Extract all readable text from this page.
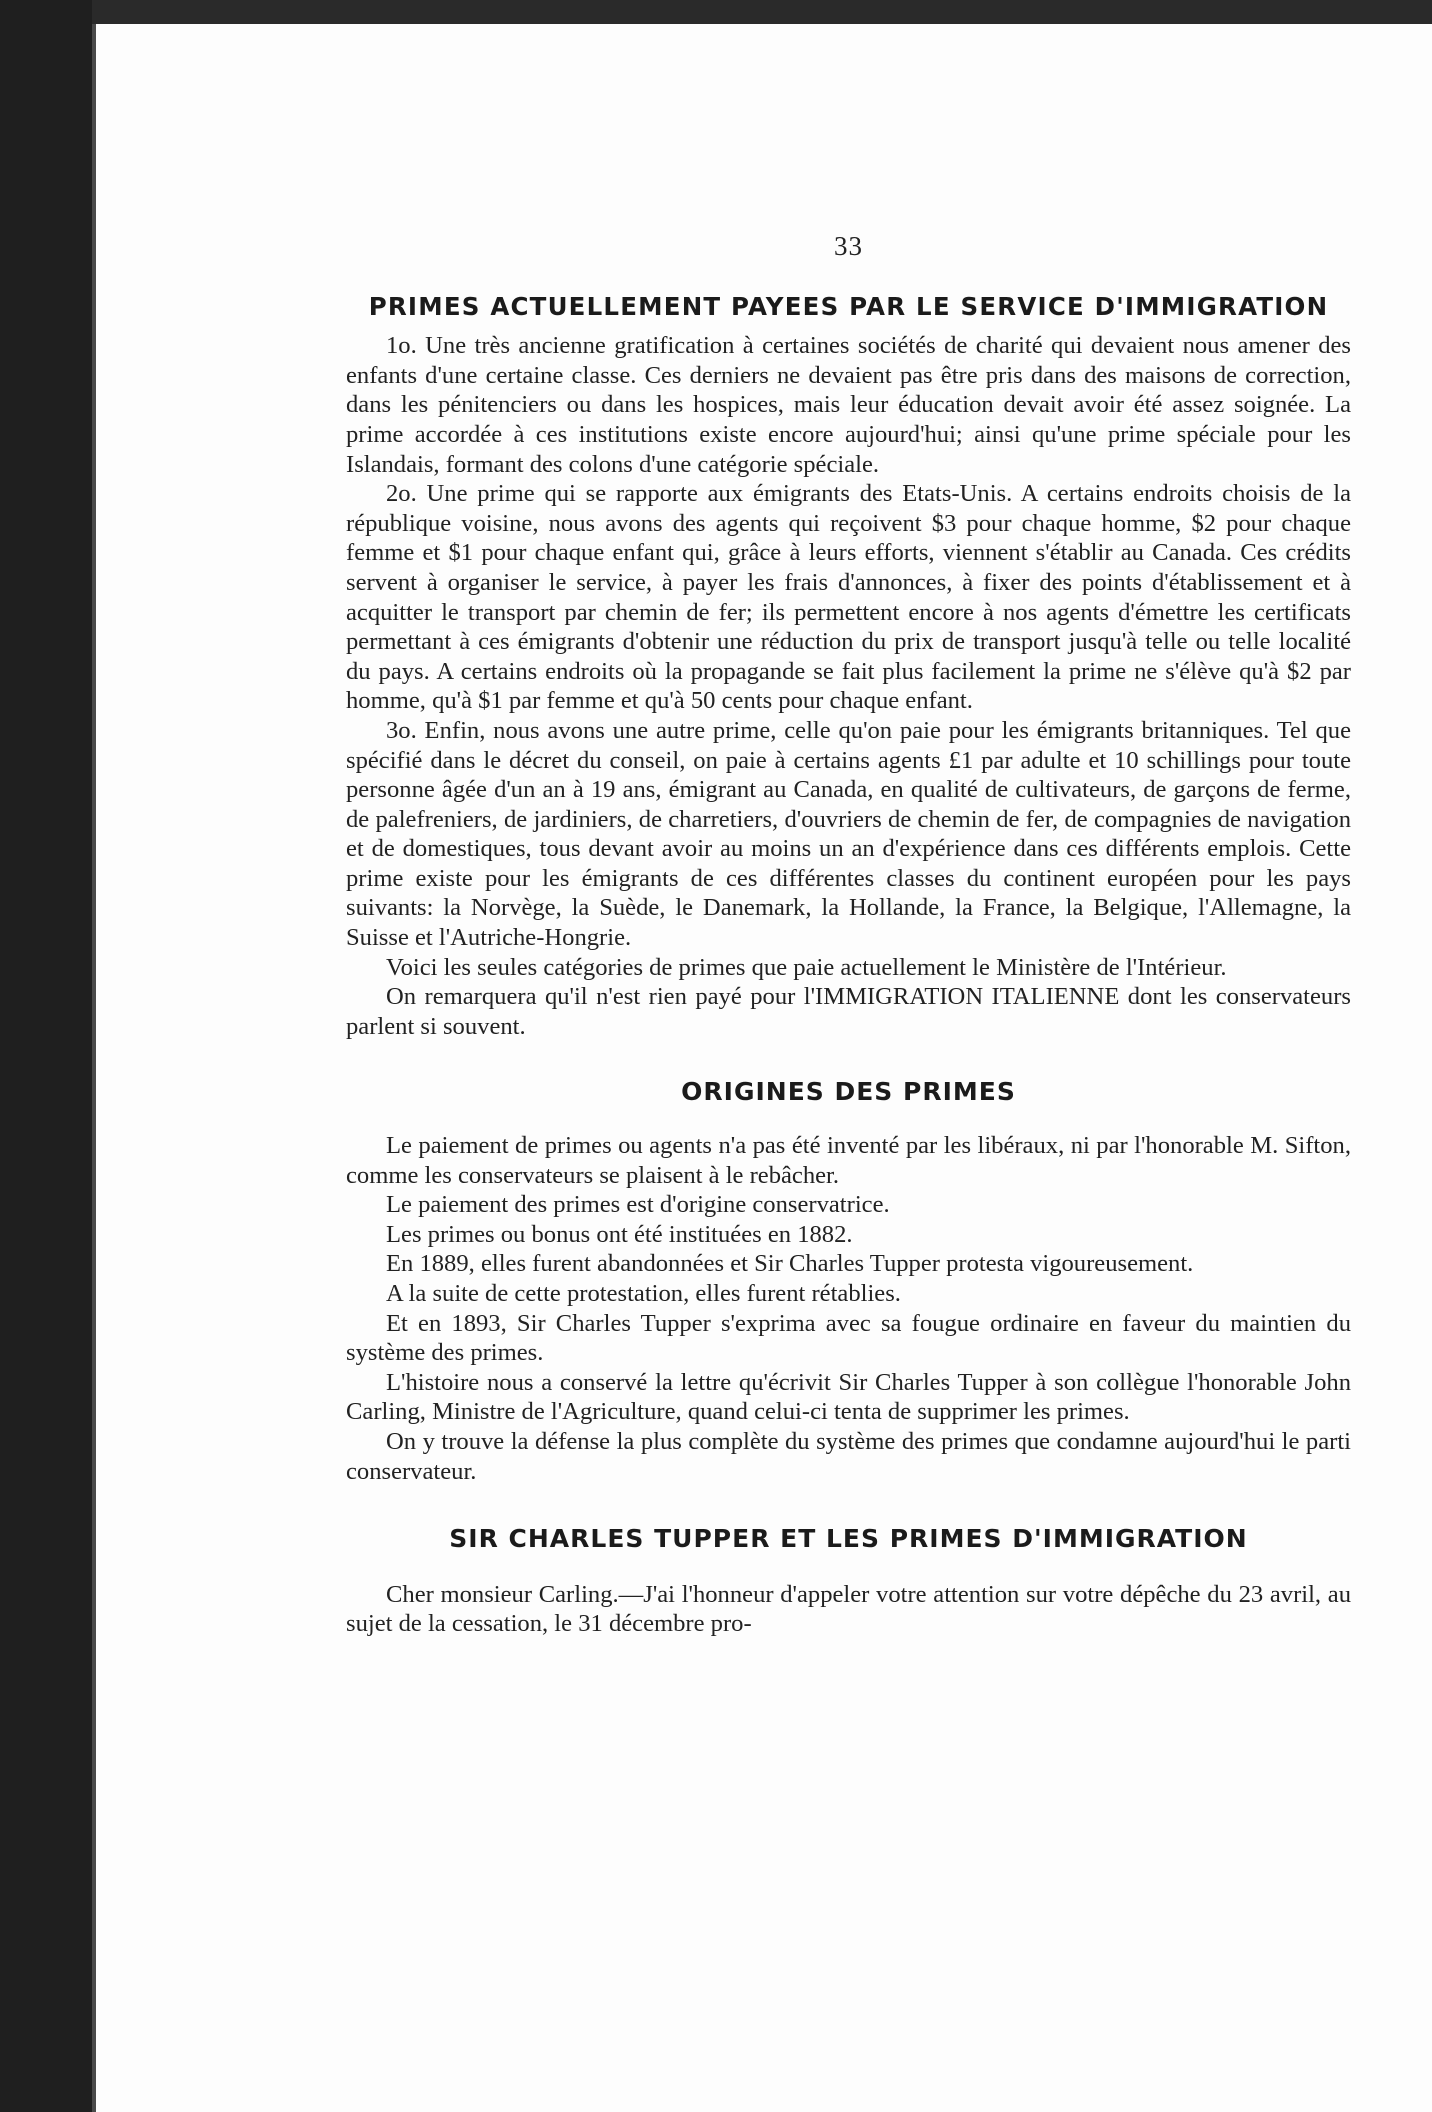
33
PRIMES ACTUELLEMENT PAYEES PAR LE SERVICE D'IMMIGRATION

1o. Une très ancienne gratification à certaines sociétés de charité qui devaient nous amener des enfants d'une certaine classe. Ces derniers ne devaient pas être pris dans des maisons de correction, dans les pénitenciers ou dans les hospices, mais leur éducation devait avoir été assez soignée. La prime accordée à ces institutions existe encore aujourd'hui; ainsi qu'une prime spéciale pour les Islandais, formant des colons d'une catégorie spéciale.

2o. Une prime qui se rapporte aux émigrants des Etats-Unis. A certains endroits choisis de la république voisine, nous avons des agents qui reçoivent $3 pour chaque homme, $2 pour chaque femme et $1 pour chaque enfant qui, grâce à leurs efforts, viennent s'établir au Canada. Ces crédits servent à organiser le service, à payer les frais d'annonces, à fixer des points d'établissement et à acquitter le transport par chemin de fer; ils permettent encore à nos agents d'émettre les certificats permettant à ces émigrants d'obtenir une réduction du prix de transport jusqu'à telle ou telle localité du pays. A certains endroits où la propagande se fait plus facilement la prime ne s'élève qu'à $2 par homme, qu'à $1 par femme et qu'à 50 cents pour chaque enfant.

3o. Enfin, nous avons une autre prime, celle qu'on paie pour les émigrants britanniques. Tel que spécifié dans le décret du conseil, on paie à certains agents £1 par adulte et 10 schillings pour toute personne âgée d'un an à 19 ans, émigrant au Canada, en qualité de cultivateurs, de garçons de ferme, de palefreniers, de jardiniers, de charretiers, d'ouvriers de chemin de fer, de compagnies de navigation et de domestiques, tous devant avoir au moins un an d'expérience dans ces différents emplois. Cette prime existe pour les émigrants de ces différentes classes du continent européen pour les pays suivants: la Norvège, la Suède, le Danemark, la Hollande, la France, la Belgique, l'Allemagne, la Suisse et l'Autriche-Hongrie.

Voici les seules catégories de primes que paie actuellement le Ministère de l'Intérieur.

On remarquera qu'il n'est rien payé pour l'IMMIGRATION ITALIENNE dont les conservateurs parlent si souvent.

ORIGINES DES PRIMES

Le paiement de primes ou agents n'a pas été inventé par les libéraux, ni par l'honorable M. Sifton, comme les conservateurs se plaisent à le rebâcher.

Le paiement des primes est d'origine conservatrice.

Les primes ou bonus ont été instituées en 1882.

En 1889, elles furent abandonnées et Sir Charles Tupper protesta vigoureusement.

A la suite de cette protestation, elles furent rétablies.

Et en 1893, Sir Charles Tupper s'exprima avec sa fougue ordinaire en faveur du maintien du système des primes.

L'histoire nous a conservé la lettre qu'écrivit Sir Charles Tupper à son collègue l'honorable John Carling, Ministre de l'Agriculture, quand celui-ci tenta de supprimer les primes.

On y trouve la défense la plus complète du système des primes que condamne aujourd'hui le parti conservateur.

SIR CHARLES TUPPER ET LES PRIMES D'IMMIGRATION

Cher monsieur Carling.—J'ai l'honneur d'appeler votre attention sur votre dépêche du 23 avril, au sujet de la cessation, le 31 décembre pro-
